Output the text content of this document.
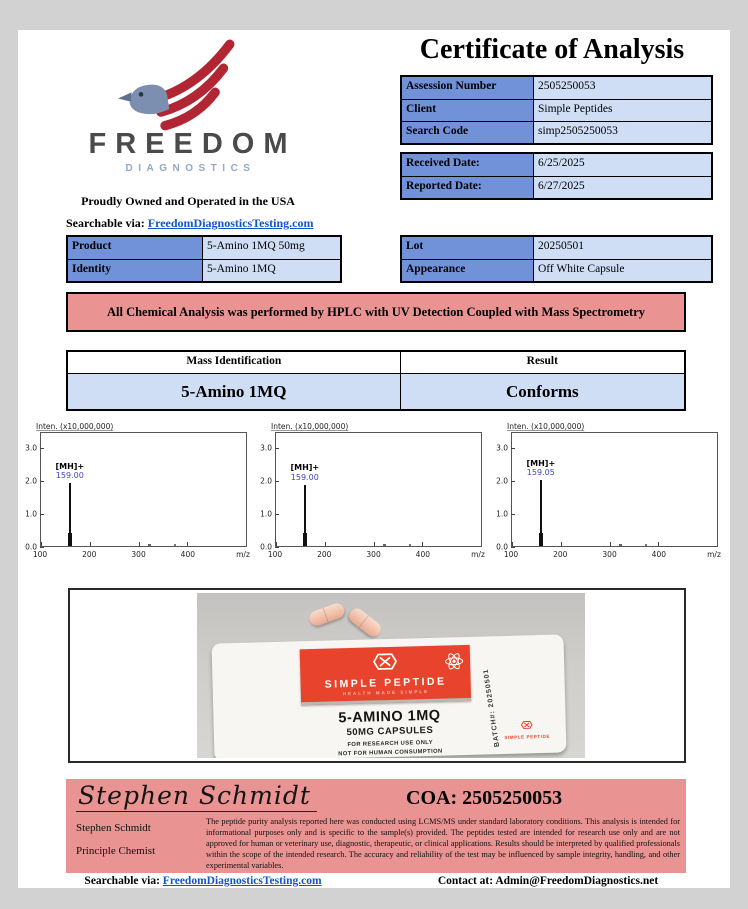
FREEDOM
DIAGNOSTICS
Proudly Owned and Operated in the USA
Searchable via: FreedomDiagnosticsTesting.com
Certificate of Analysis
Assession Number	2505250053
Client	Simple Peptides
Search Code	simp2505250053
Received Date:	6/25/2025
Reported Date:	6/27/2025
Product	5-Amino 1MQ 50mg
Identity	5-Amino 1MQ
Lot	20250501
Appearance	Off White Capsule
All Chemical Analysis was performed by HPLC with UV Detection Coupled with Mass Spectrometry
Mass Identification	Result
5-Amino 1MQ	Conforms
Inten. (x10,000,000)
[MH]+
159.00
0.0
1.0
2.0
3.0
100	200	300	400	m/z
Inten. (x10,000,000)
[MH]+
159.00
0.0
1.0
2.0
3.0
100	200	300	400	m/z
Inten. (x10,000,000)
[MH]+
159.05
0.0
1.0
2.0
3.0
100	200	300	400	m/z
SIMPLE PEPTIDE
HEALTH MADE SIMPLE
5-AMINO 1MQ
50MG CAPSULES
FOR RESEARCH USE ONLY
NOT FOR HUMAN CONSUMPTION
BATCH#: 20250501 SIMPLE PEPTIDE
Stephen Schmidt	COA: 2505250053
Stephen Schmidt
Principle Chemist
The peptide purity analysis reported here was conducted using LCMS/MS under standard laboratory conditions. This analysis is intended for informational purposes only and is specific to the sample(s) provided. The peptides tested are intended for research use only and are not approved for human or veterinary use, diagnostic, therapeutic, or clinical applications. Results should be interpreted by qualified professionals within the scope of the intended research. The accuracy and reliability of the test may be influenced by sample integrity, handling, and other experimental variables.
Searchable via: FreedomDiagnosticsTesting.com	Contact at: Admin@FreedomDiagnostics.net
